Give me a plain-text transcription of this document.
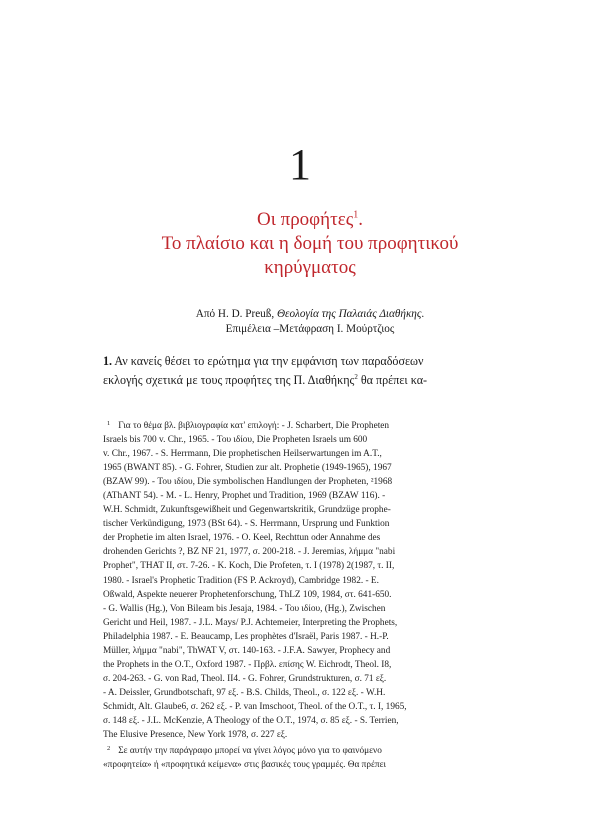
1
Οι προφήτες$^1$.
Το πλαίσιο και η δομή του προφητικού
κηρύγματος
Από H. D. Preuß, Θεολογία της Παλαιάς Διαθήκης.
Επιμέλεια –Μετάφραση Ι. Μούρτζιος
1. Αν κανείς θέσει το ερώτημα για την εμφάνιση των παραδόσεων
εκλογής σχετικά με τους προφήτες της Π. Διαθήκης$^2$ θα πρέπει κα-
1 Για το θέμα βλ. βιβλιογραφία κατ' επιλογή: - J. Scharbert, Die Propheten
Israels bis 700 v. Chr., 1965. - Του ιδίου, Die Propheten Israels um 600
v. Chr., 1967. - S. Herrmann, Die prophetischen Heilserwartungen im A.T.,
1965 (BWANT 85). - G. Fohrer, Studien zur alt. Prophetie (1949-1965), 1967
(BZAW 99). - Του ιδίου, Die symbolischen Handlungen der Propheten, ²1968
(AThANT 54). - M. - L. Henry, Prophet und Tradition, 1969 (BZAW 116). -
W.H. Schmidt, Zukunftsgewißheit und Gegenwartskritik, Grundzüge prophe-
tischer Verkündigung, 1973 (BSt 64). - S. Herrmann, Ursprung und Funktion
der Prophetie im alten Israel, 1976. - O. Keel, Rechttun oder Annahme des
drohenden Gerichts ?, BZ NF 21, 1977, σ. 200-218. - J. Jeremias, λήμμα "nabi
Prophet", THAT II, στ. 7-26. - K. Koch, Die Profeten, τ. I (1978) 2(1987, τ. II,
1980. - Israel's Prophetic Tradition (FS P. Ackroyd), Cambridge 1982. - E.
Oßwald, Aspekte neuerer Prophetenforschung, ThLZ 109, 1984, στ. 641-650.
- G. Wallis (Hg.), Von Bileam bis Jesaja, 1984. - Του ιδίου, (Hg.), Zwischen
Gericht und Heil, 1987. - J.L. Mays/ P.J. Achtemeier, Interpreting the Prophets,
Philadelphia 1987. - E. Beaucamp, Les prophètes d'Israël, Paris 1987. - H.-P.
Müller, λήμμα "nabi", ThWAT V, στ. 140-163. - J.F.A. Sawyer, Prophecy and
the Prophets in the O.T., Oxford 1987. - Πρβλ. επίσης W. Eichrodt, Theol. I8,
σ. 204-263. - G. von Rad, Theol. II4. - G. Fohrer, Grundstrukturen, σ. 71 εξ.
- A. Deissler, Grundbotschaft, 97 εξ. - B.S. Childs, Theol., σ. 122 εξ. - W.H.
Schmidt, Alt. Glaube6, σ. 262 εξ. - P. van Imschoot, Theol. of the O.T., τ. I, 1965,
σ. 148 εξ. - J.L. McKenzie, A Theology of the O.T., 1974, σ. 85 εξ. - S. Terrien,
The Elusive Presence, New York 1978, σ. 227 εξ.
2 Σε αυτήν την παράγραφο μπορεί να γίνει λόγος μόνο για το φαινόμενο
«προφητεία» ή «προφητικά κείμενα» στις βασικές τους γραμμές. Θα πρέπει
